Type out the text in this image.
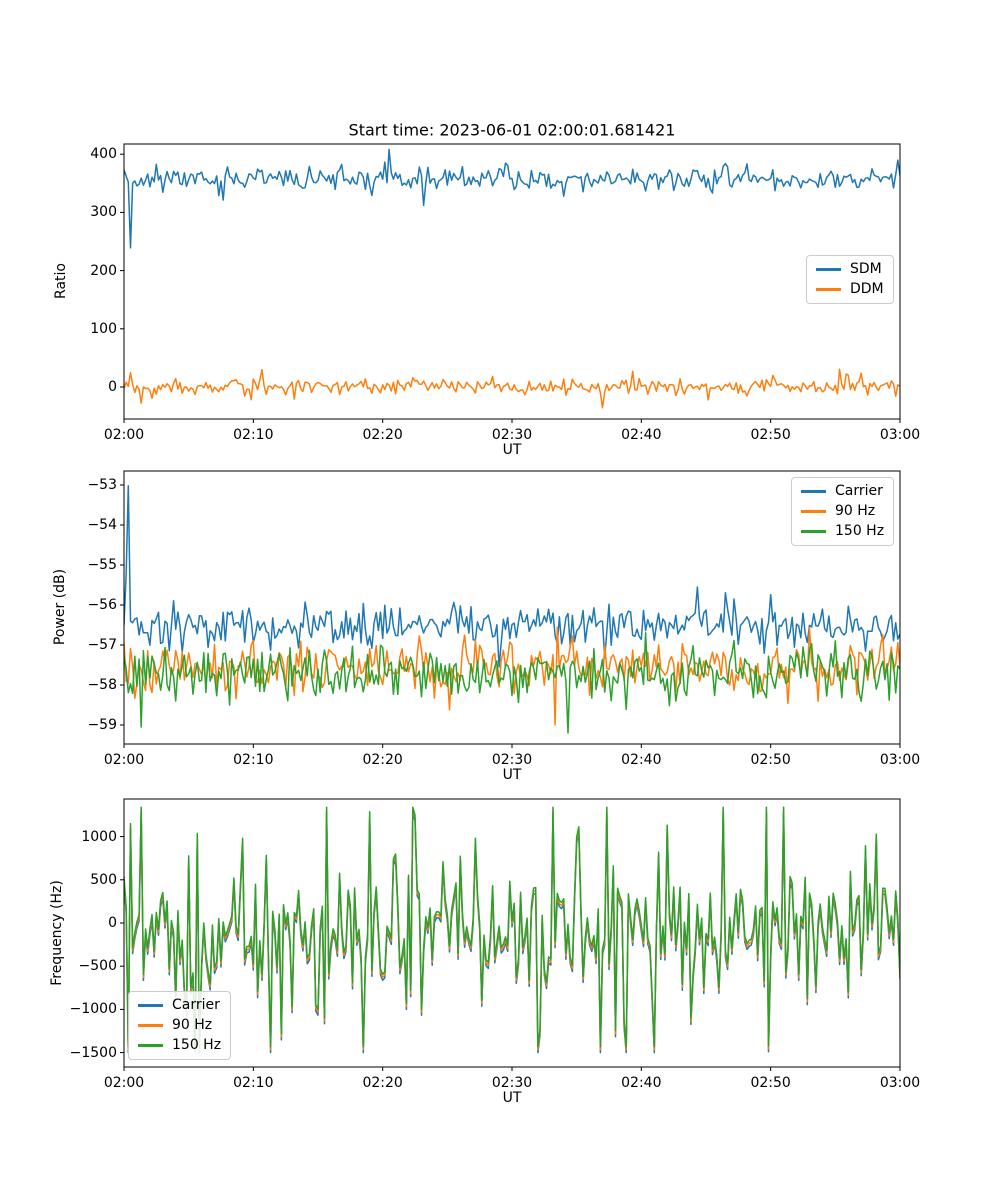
Start time: 2023-06-01 02:00:01.681421
Ratio
Power (dB)
Frequency (Hz)
UT
UT
UT
SDM
DDM
Carrier
90 Hz
150 Hz
Carrier
90 Hz
150 Hz
02:00	02:10	02:20	02:30	02:40	02:50	03:00
0
100
200
300
400
02:00	02:10	02:20	02:30	02:40	02:50	03:00
−53
−54
−55
−56
−57
−58
−59
02:00	02:10	02:20	02:30	02:40	02:50	03:00
1000
500
0
−500
−1000
−1500
